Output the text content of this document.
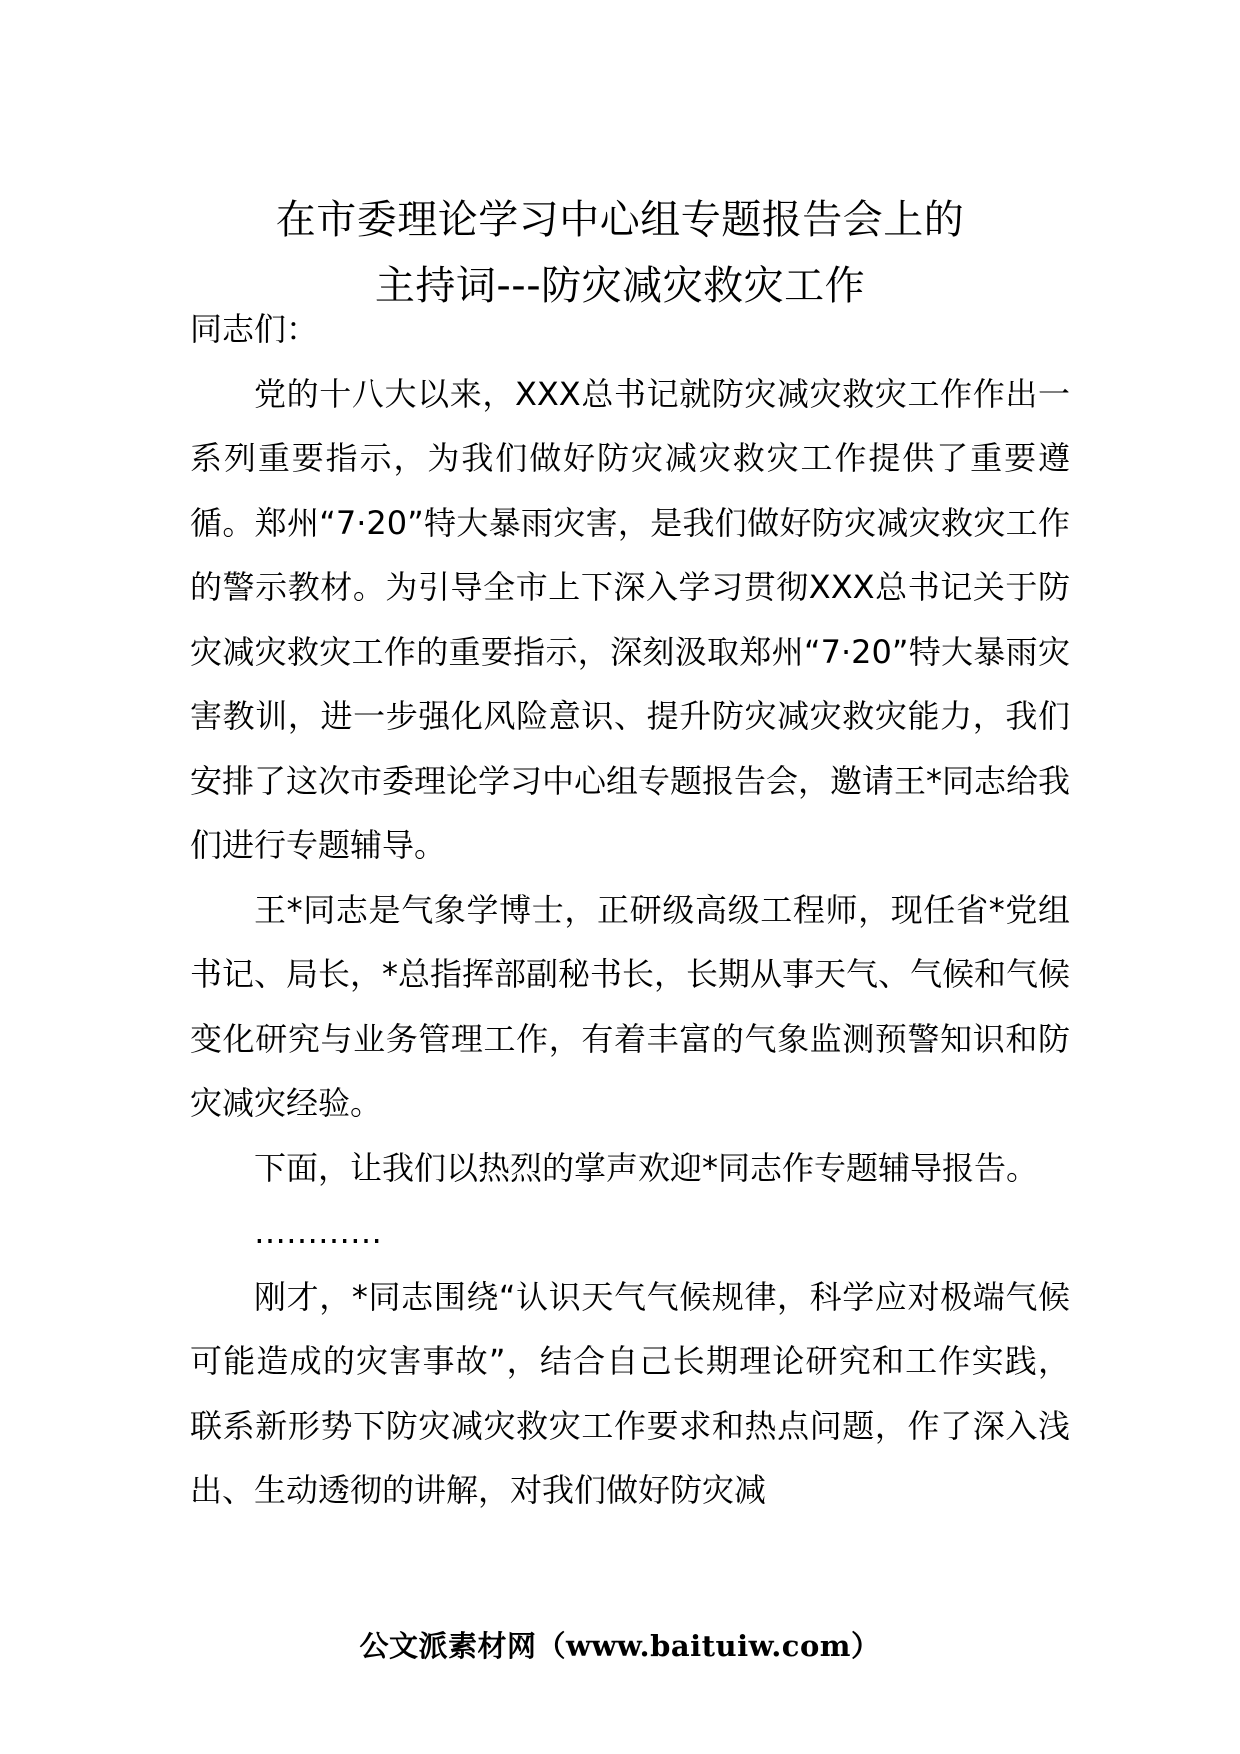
在市委理论学习中心组专题报告会上的
主持词---防灾减灾救灾工作

同志们：

党的十八大以来，XXX总书记就防灾减灾救灾工作作出一系列重要指示，为我们做好防灾减灾救灾工作提供了重要遵循。郑州“7·20”特大暴雨灾害，是我们做好防灾减灾救灾工作的警示教材。为引导全市上下深入学习贯彻XXX总书记关于防灾减灾救灾工作的重要指示，深刻汲取郑州“7·20”特大暴雨灾害教训，进一步强化风险意识、提升防灾减灾救灾能力，我们安排了这次市委理论学习中心组专题报告会，邀请王*同志给我们进行专题辅导。

王*同志是气象学博士，正研级高级工程师，现任省*党组书记、局长，*总指挥部副秘书长，长期从事天气、气候和气候变化研究与业务管理工作，有着丰富的气象监测预警知识和防灾减灾经验。

下面，让我们以热烈的掌声欢迎*同志作专题辅导报告。

…………

刚才，*同志围绕“认识天气气候规律，科学应对极端气候可能造成的灾害事故”，结合自己长期理论研究和工作实践，联系新形势下防灾减灾救灾工作要求和热点问题，作了深入浅出、生动透彻的讲解，对我们做好防灾减

公文派素材网（www.baituiw.com）
